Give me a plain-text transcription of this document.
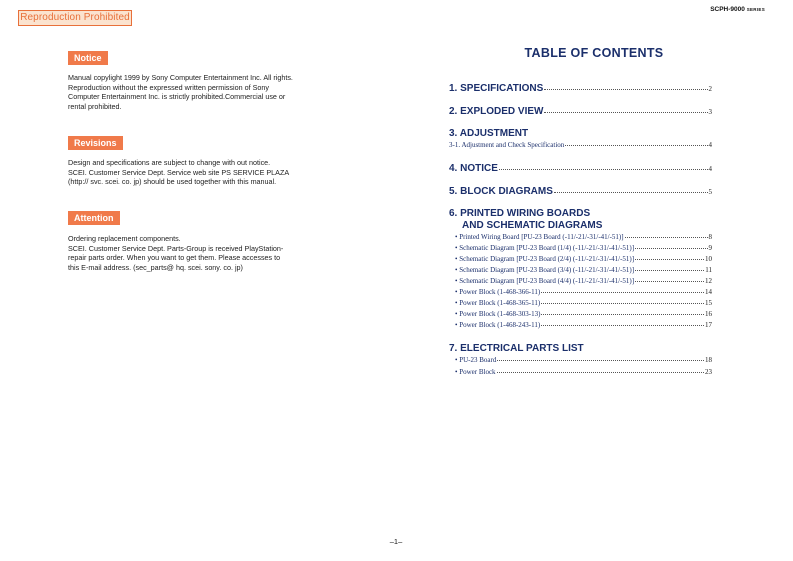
Reproduction Prohibited
SCPH-9000 SERIES
Notice
Manual copylight 1999 by Sony Computer Entertainment Inc. All rights.
Reproduction without the expressed written permission of Sony
Computer Entertainment Inc. is strictly prohibited.Commercial use or
rental prohibited.
Revisions
Design and specifications are subject to change with out notice.
SCEI. Customer Service Dept. Service web site PS SERVICE PLAZA
(http:// svc. scei. co. jp) should be used together with this manual.
Attention
Ordering replacement components.
SCEI. Customer Service Dept. Parts-Group is received PlayStation-
repair parts order. When you want to get them. Please accesses to
this E-mail address. (sec_parts@ hq. scei. sony. co. jp)
TABLE OF CONTENTS
1. SPECIFICATIONS	2
2. EXPLODED VIEW	3
3. ADJUSTMENT
3-1. Adjustment and Check Specification	4
4. NOTICE	4
5. BLOCK DIAGRAMS	5
6. PRINTED WIRING BOARDS
AND SCHEMATIC DIAGRAMS
• Printed Wiring Board [PU-23 Board (-11/-21/-31/-41/-51)]	8
• Schematic Diagram [PU-23 Board (1/4) (-11/-21/-31/-41/-51)]	9
• Schematic Diagram [PU-23 Board (2/4) (-11/-21/-31/-41/-51)]	10
• Schematic Diagram [PU-23 Board (3/4) (-11/-21/-31/-41/-51)]	11
• Schematic Diagram [PU-23 Board (4/4) (-11/-21/-31/-41/-51)]	12
• Power Block (1-468-366-11)	14
• Power Block (1-468-365-11)	15
• Power Block (1-468-303-13)	16
• Power Block (1-468-243-11)	17
7. ELECTRICAL PARTS LIST
• PU-23 Board	18
• Power Block	23
–1–
